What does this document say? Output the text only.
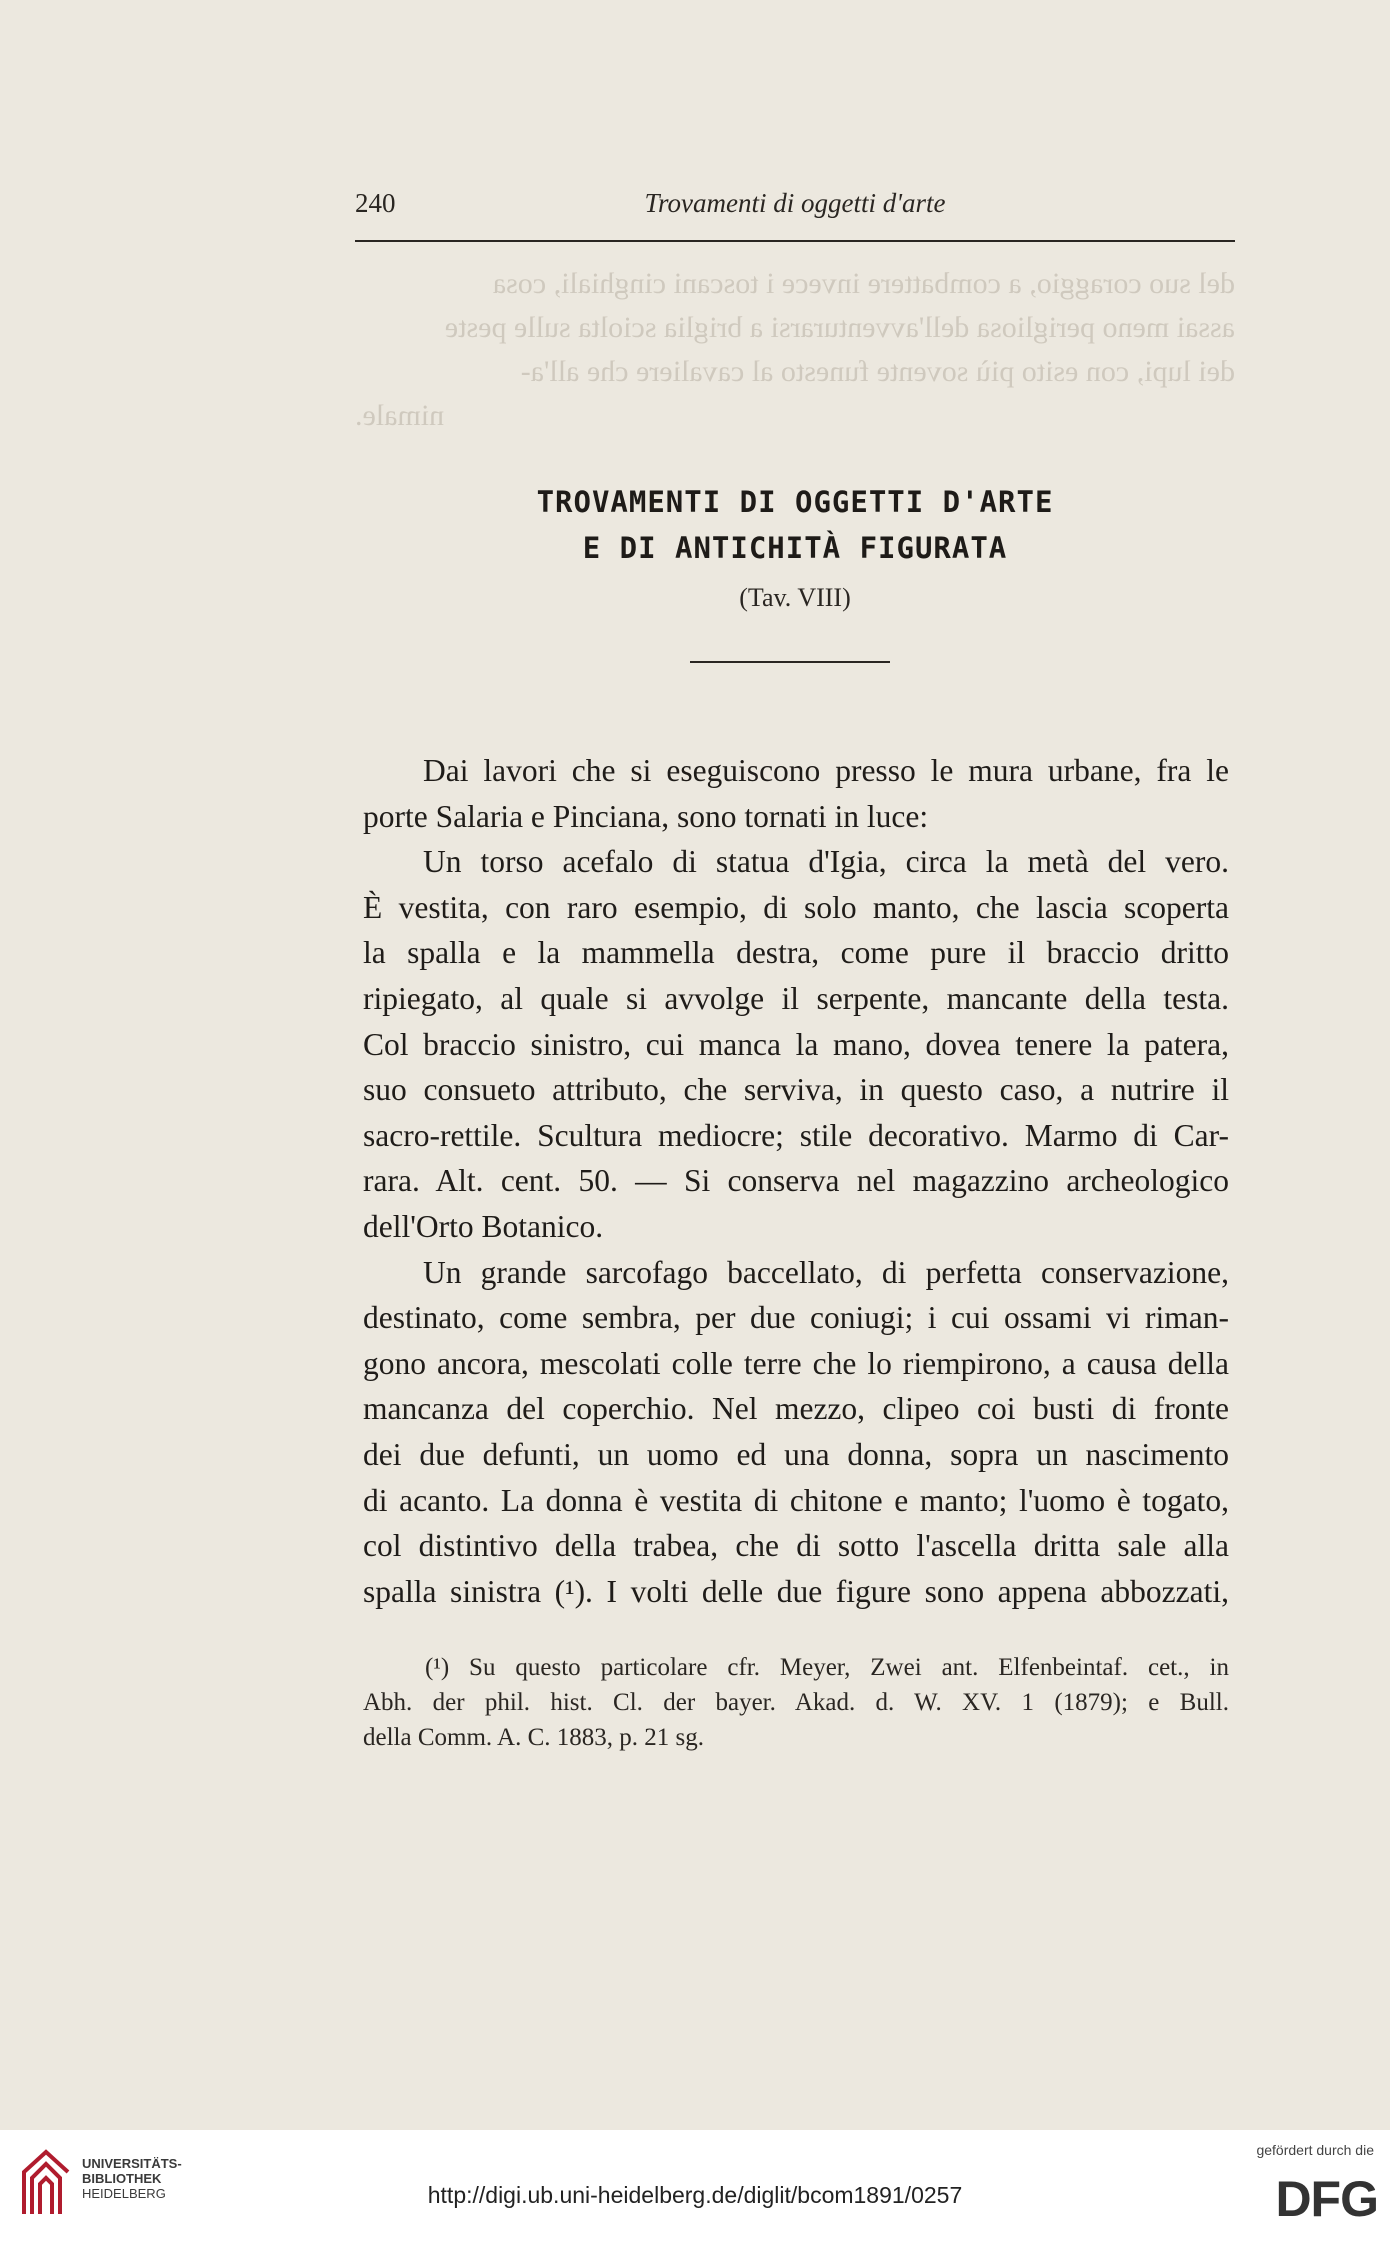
del suo coraggio, a combattere invece i toscani cinghiali, cosa
assai meno perigliosa dell'avventurarsi a briglia sciolta sulle peste
dei lupi, con esito più sovente funesto al cavaliere che all'a-
nimale.
240	Trovamenti di oggetti d'arte
TROVAMENTI DI OGGETTI D'ARTE
E DI ANTICHITÀ FIGURATA
(Tav. VIII)
Dai lavori che si eseguiscono presso le mura urbane, fra le
porte Salaria e Pinciana, sono tornati in luce:
Un torso acefalo di statua d'Igia, circa la metà del vero.
È vestita, con raro esempio, di solo manto, che lascia scoperta
la spalla e la mammella destra, come pure il braccio dritto
ripiegato, al quale si avvolge il serpente, mancante della testa.
Col braccio sinistro, cui manca la mano, dovea tenere la patera,
suo consueto attributo, che serviva, in questo caso, a nutrire il
sacro-rettile. Scultura mediocre; stile decorativo. Marmo di Car-
rara. Alt. cent. 50. — Si conserva nel magazzino archeologico
dell'Orto Botanico.
Un grande sarcofago baccellato, di perfetta conservazione,
destinato, come sembra, per due coniugi; i cui ossami vi riman-
gono ancora, mescolati colle terre che lo riempirono, a causa della
mancanza del coperchio. Nel mezzo, clipeo coi busti di fronte
dei due defunti, un uomo ed una donna, sopra un nascimento
di acanto. La donna è vestita di chitone e manto; l'uomo è togato,
col distintivo della trabea, che di sotto l'ascella dritta sale alla
spalla sinistra (¹). I volti delle due figure sono appena abbozzati,
(¹) Su questo particolare cfr. Meyer, Zwei ant. Elfenbeintaf. cet., in
Abh. der phil. hist. Cl. der bayer. Akad. d. W. XV. 1 (1879); e Bull.
della Comm. A. C. 1883, p. 21 sg.
UNIVERSITÄTS-
BIBLIOTHEK
HEIDELBERG	http://digi.ub.uni-heidelberg.de/diglit/bcom1891/0257
gefördert durch die
DFG
